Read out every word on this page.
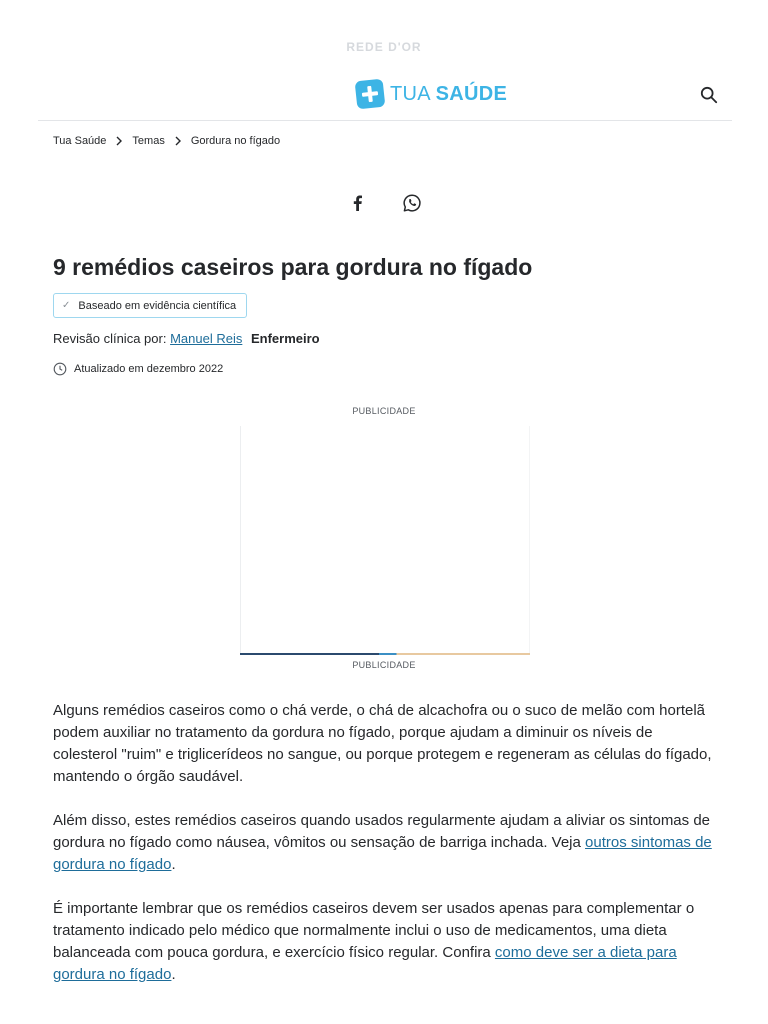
REDE D'OR
TUA SAÚDE
Tua Saúde Temas Gordura no fígado
9 remédios caseiros para gordura no fígado
✓ Baseado em evidência científica
Revisão clínica por: Manuel Reis Enfermeiro
Atualizado em dezembro 2022
PUBLICIDADE
PUBLICIDADE

Alguns remédios caseiros como o chá verde, o chá de alcachofra ou o suco de melão com hortelã podem auxiliar no tratamento da gordura no fígado, porque ajudam a diminuir os níveis de colesterol "ruim" e triglicerídeos no sangue, ou porque protegem e regeneram as células do fígado, mantendo o órgão saudável.

Além disso, estes remédios caseiros quando usados regularmente ajudam a aliviar os sintomas de gordura no fígado como náusea, vômitos ou sensação de barriga inchada. Veja outros sintomas de gordura no fígado.

É importante lembrar que os remédios caseiros devem ser usados apenas para complementar o tratamento indicado pelo médico que normalmente inclui o uso de medicamentos, uma dieta balanceada com pouca gordura, e exercício físico regular. Confira como deve ser a dieta para gordura no fígado.
